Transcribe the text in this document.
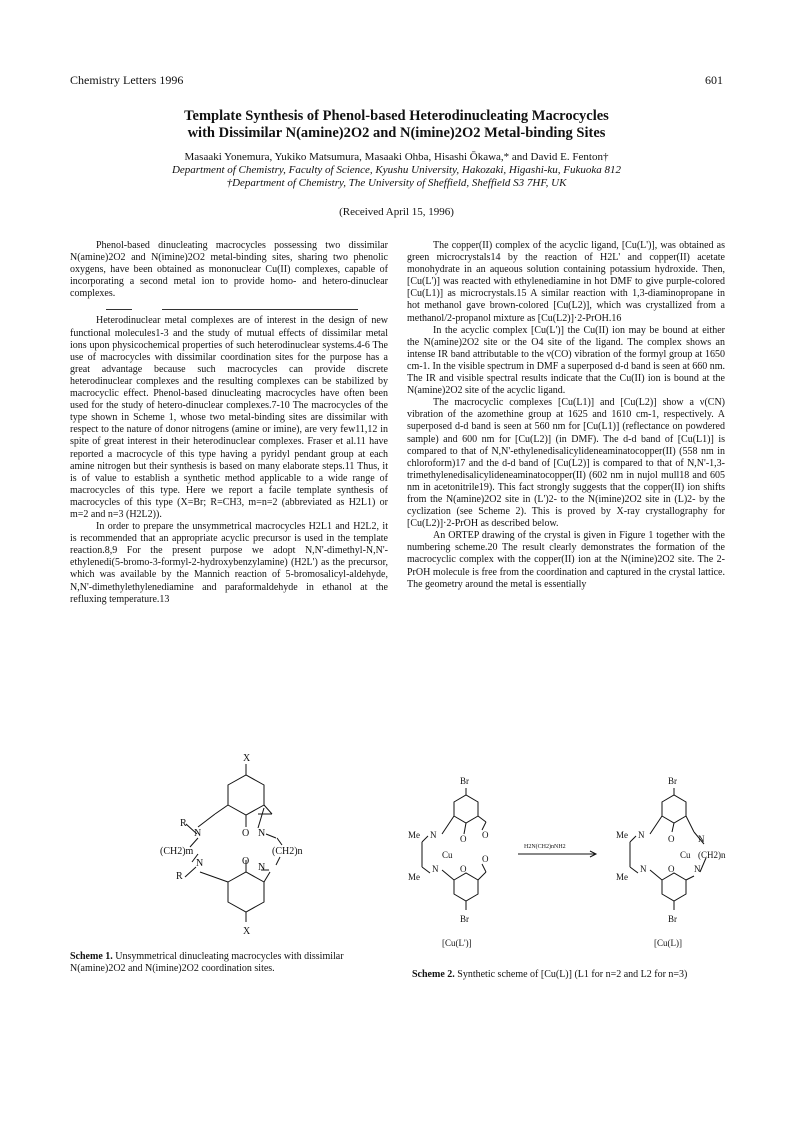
Chemistry Letters 1996	601
Template Synthesis of Phenol-based Heterodinucleating Macrocycles
with Dissimilar N(amine)2O2 and N(imine)2O2 Metal-binding Sites
Masaaki Yonemura, Yukiko Matsumura, Masaaki Ohba, Hisashi Ōkawa,* and David E. Fenton†
Department of Chemistry, Faculty of Science, Kyushu University, Hakozaki, Higashi-ku, Fukuoka 812
†Department of Chemistry, The University of Sheffield, Sheffield S3 7HF, UK
(Received April 15, 1996)

Phenol-based dinucleating macrocycles possessing two dissimilar N(amine)2O2 and N(imine)2O2 metal-binding sites, sharing two phenolic oxygens, have been obtained as mononuclear Cu(II) complexes, capable of incorporating a second metal ion to provide homo- and hetero-dinuclear complexes.

Heterodinuclear metal complexes are of interest in the design of new functional molecules1-3 and the study of mutual effects of dissimilar metal ions upon physicochemical properties of such heterodinuclear systems.4-6 The use of macrocycles with dissimilar coordination sites for the purpose has a great advantage because such macrocycles can provide discrete heterodinuclear complexes and the resulting complexes can be stabilized by macrocyclic effect. Phenol-based dinucleating macrocycles have often been used for the study of hetero-dinuclear complexes.7-10 The macrocycles of the type shown in Scheme 1, whose two metal-binding sites are dissimilar with respect to the nature of donor nitrogens (amine or imine), are very few11,12 in spite of great interest in their heterodinuclear complexes. Fraser et al.11 have reported a macrocycle of this type having a pyridyl pendant group at each amine nitrogen but their synthesis is based on many elaborate steps.11 Thus, it is of value to establish a synthetic method applicable to a wide range of macrocycles of this type. Here we report a facile template synthesis of macrocycles of this type (X=Br; R=CH3, m=n=2 (abbreviated as H2L1) or m=2 and n=3 (H2L2)).

In order to prepare the unsymmetrical macrocycles H2L1 and H2L2, it is recommended that an appropriate acyclic precursor is used in the template reaction.8,9 For the present purpose we adopt N,N'-dimethyl-N,N'-ethylenedi(5-bromo-3-formyl-2-hydroxybenzylamine) (H2L') as the precursor, which was available by the Mannich reaction of 5-bromosalicyl-aldehyde, N,N'-dimethylethylenediamine and paraformaldehyde in ethanol at the refluxing temperature.13

The copper(II) complex of the acyclic ligand, [Cu(L')], was obtained as green microcrystals14 by the reaction of H2L' and copper(II) acetate monohydrate in an aqueous solution containing potassium hydroxide. Then, [Cu(L')] was reacted with ethylenediamine in hot DMF to give purple-colored [Cu(L1)] as microcrystals.15 A similar reaction with 1,3-diaminopropane in hot methanol gave brown-colored [Cu(L2)], which was crystallized from a methanol/2-propanol mixture as [Cu(L2)]·2-PrOH.16

In the acyclic complex [Cu(L')] the Cu(II) ion may be bound at either the N(amine)2O2 site or the O4 site of the ligand. The complex shows an intense IR band attributable to the ν(CO) vibration of the formyl group at 1650 cm-1. In the visible spectrum in DMF a superposed d-d band is seen at 660 nm. The IR and visible spectral results indicate that the Cu(II) ion is bound at the N(amine)2O2 site of the acyclic ligand.

The macrocyclic complexes [Cu(L1)] and [Cu(L2)] show a ν(CN) vibration of the azomethine group at 1625 and 1610 cm-1, respectively. A superposed d-d band is seen at 560 nm for [Cu(L1)] (reflectance on powdered sample) and 600 nm for [Cu(L2)] (in DMF). The d-d band of [Cu(L1)] is compared to that of N,N'-ethylenedisalicylideneaminatocopper(II) (558 nm in chloroform)17 and the d-d band of [Cu(L2)] is compared to that of N,N'-1,3-trimethylenedisalicylideneaminatocopper(II) (602 nm in nujol mull18 and 605 nm in acetonitrile19). This fact strongly suggests that the copper(II) ion shifts from the N(amine)2O2 site in (L')2- to the N(imine)2O2 site in (L)2- by the cyclization (see Scheme 2). This is proved by X-ray crystallography for [Cu(L2)]·2-PrOH as described below.

An ORTEP drawing of the crystal is given in Figure 1 together with the numbering scheme.20 The result clearly demonstrates the formation of the macrocyclic complex with the copper(II) ion at the N(imine)2O2 site. The 2-PrOH molecule is free from the coordination and captured in the crystal lattice. The geometry around the metal is essentially

X
X
R
R
N
N
N
N
O
O
(CH2)m	(CH2)n
Scheme 1. Unsymmetrical dinucleating macrocycles with dissimilar N(amine)2O2 and N(imine)2O2 coordination sites.
Br
Br
Me
Me
N
N
O
O
O
O
Cu
H2N(CH2)nNH2
Br
Br
Me
Me
N
N
O
O
N
N
Cu (CH2)n
[Cu(L')]	[Cu(L)]
Scheme 2. Synthetic scheme of [Cu(L)] (L1 for n=2 and L2 for n=3)
